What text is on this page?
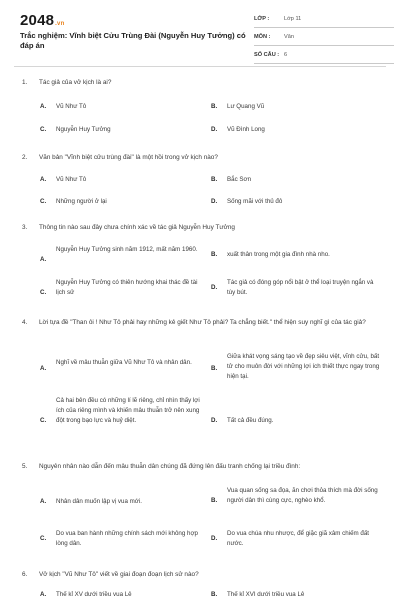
2048.vn
Trắc nghiệm: Vĩnh biệt Cửu Trùng Đài (Nguyễn Huy Tưởng) có đáp án
LỚP :	Lớp 11
MÔN : Văn
SỐ CÂU : 6
1. Tác giả của vở kịch là ai?
A. Vũ Như Tô	B. Lư Quang Vũ
C. Nguyễn Huy Tưởng	D. Vũ Đình Long
2. Văn bản "Vĩnh biệt cửu trùng đài" là một hồi trong vở kịch nào?
A. Vũ Như Tô	B. Bắc Sơn
C. Những người ở lại	D. Sống mãi với thủ đô
3. Thông tin nào sau đây chưa chính xác về tác giả Nguyễn Huy Tưởng
A.
Nguyễn Huy Tưởng sinh năm 1912, mất năm 1960.
B. xuất thân trong một gia đình nhà nho.
C.
Nguyễn Huy Tưởng có thiên hướng khai thác đề tài lịch sử
D.
Tác giả có đóng góp nổi bật ở thể loại truyện ngắn và tùy bút.
4. Lời tựa đề "Than ôi ! Như Tô phải hay những kẻ giết Như Tô phải? Ta chẳng biết." thể hiện suy nghĩ gì của tác giả?
A.
Nghĩ về mâu thuẫn giữa Vũ Như Tô và nhân dân.
B.
Giữa khát vọng sáng tạo về đẹp siêu việt, vĩnh cửu, bất tử cho muôn đời với những lợi ích thiết thực ngay trong hiện tại.
C.
Cả hai bên đều có những lí lẽ riêng, chỉ nhìn thấy lợi ích của riêng mình và khiến mâu thuẫn trở nên xung đột trong bạo lực và huỷ diệt.	D. Tất cả đều đúng.
5. Nguyên nhân nào dẫn đến mâu thuẫn dân chúng đã đứng lên đấu tranh chống lại triều đình:
A. Nhân dân muốn lập vị vua mới.	B.
Vua quan sống sa đọa, ăn chơi thỏa thích mà đời sống người dân thì cùng cực, nghèo khổ.
C.
Do vua ban hành những chính sách mới không hợp lòng dân.
D.
Do vua chúa nhu nhược, để giặc giã xâm chiếm đất nước.
6. Vở kịch "Vũ Như Tô" viết về giai đoạn đoạn lịch sử nào?
A. Thế kỉ XV dưới triều vua Lê	B. Thế kỉ XVI dưới triều vua Lê
